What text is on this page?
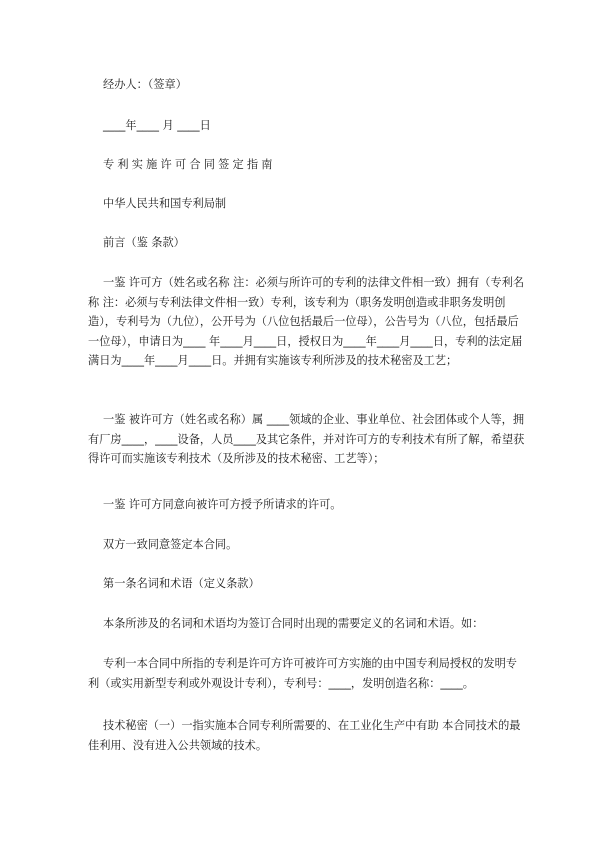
经办人：（签章）

____年____ 月 ____日

专利实施许可合同签定指南

中华人民共和国专利局制

前言（鉴 条款）

一鉴 许可方（姓名或名称 注：必须与所许可的专利的法律文件相一致）拥有（专利名称 注：必须与专利法律文件相一致）专利，该专利为（职务发明创造或非职务发明创造），专利号为（九位），公开号为（八位包括最后一位母），公告号为（八位，包括最后一位母），申请日为____ 年____月____日，授权日为____年____月____日，专利的法定届满日为____年____月____日。并拥有实施该专利所涉及的技术秘密及工艺；

一鉴 被许可方（姓名或名称）属 ____领域的企业、事业单位、社会团体或个人等，拥有厂房____，____设备，人员____及其它条件，并对许可方的专利技术有所了解，希望获得许可而实施该专利技术（及所涉及的技术秘密、工艺等）；

一鉴 许可方同意向被许可方授予所请求的许可。

双方一致同意签定本合同。

第一条名词和术语（定义条款）

本条所涉及的名词和术语均为签订合同时出现的需要定义的名词和术语。如：

专利一本合同中所指的专利是许可方许可被许可方实施的由中国专利局授权的发明专利（或实用新型专利或外观设计专利），专利号：____，发明创造名称：____。

技术秘密（一）一指实施本合同专利所需要的、在工业化生产中有助 本合同技术的最佳利用、没有进入公共领域的技术。
